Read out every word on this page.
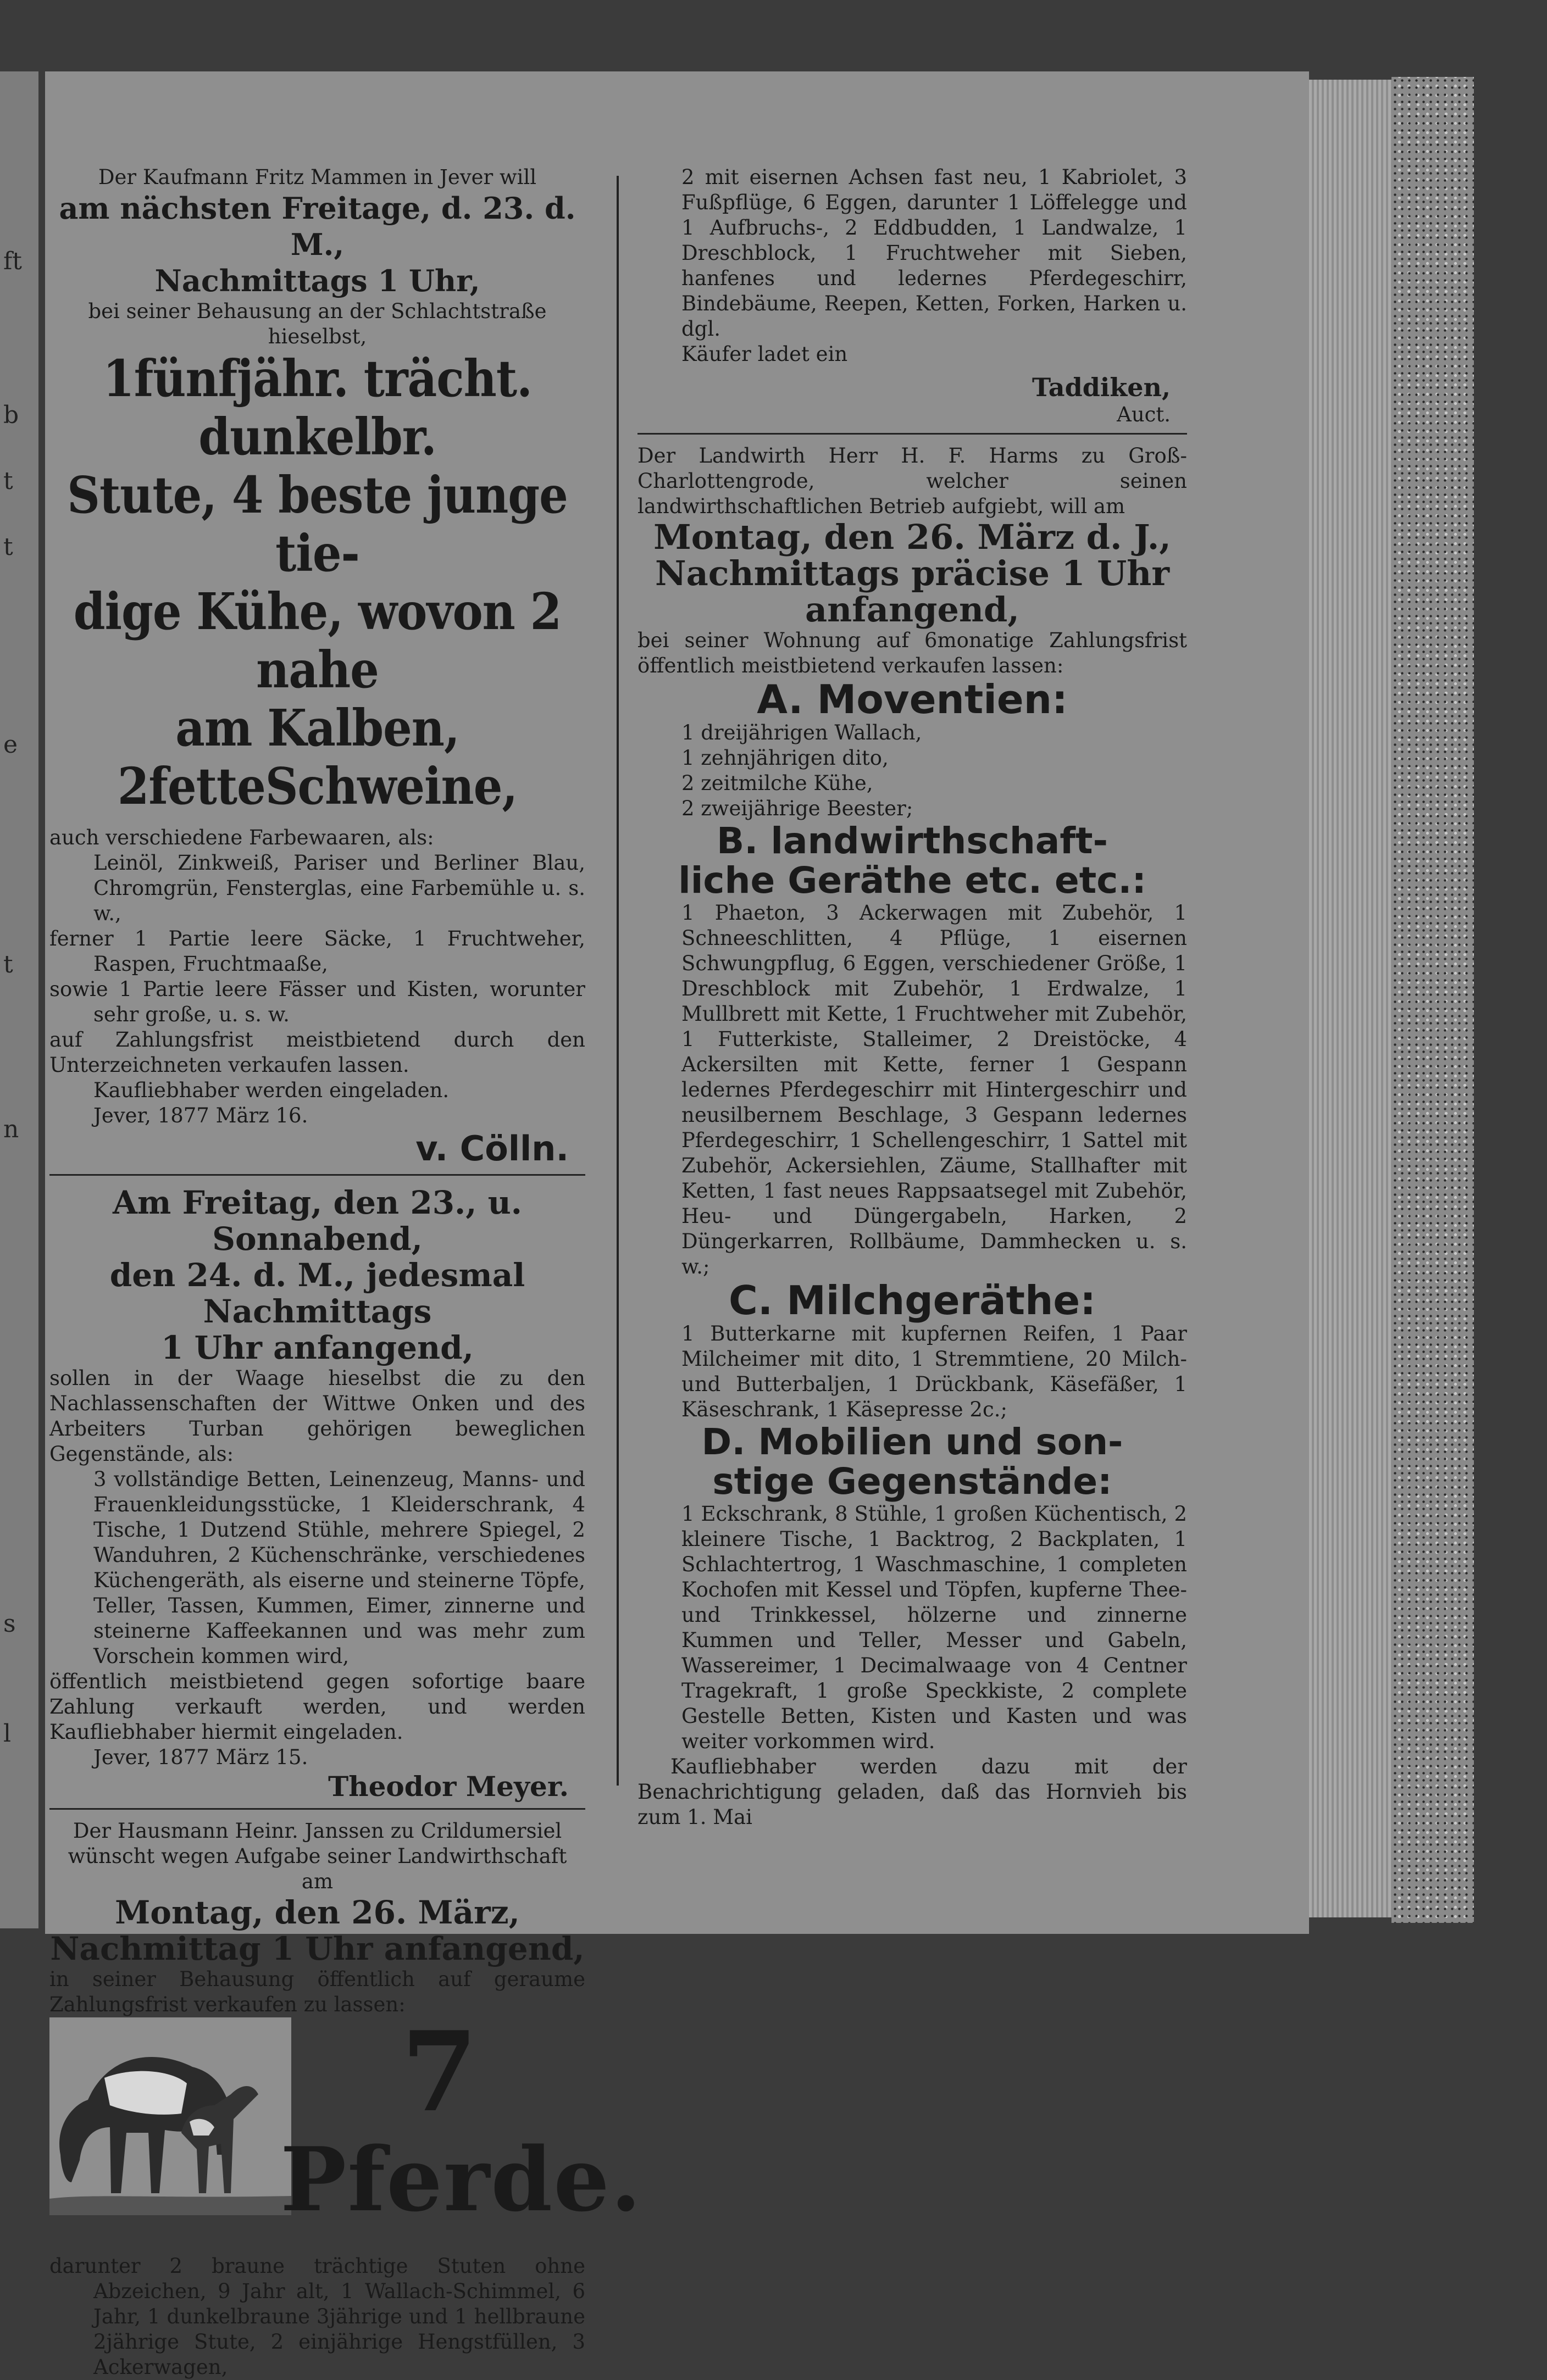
ft
b
t
t
e
t
n
s
l

Der Kaufmann Fritz Mammen in Jever will

am nächsten Freitage, d. 23. d. M.,

Nachmittags 1 Uhr,

bei seiner Behausung an der Schlachtstraße hieselbst,

1fünfjähr. trächt. dunkelbr.

Stute, 4 beste junge tie-

dige Kühe, wovon 2 nahe

am Kalben, 2fetteSchweine,

auch verschiedene Farbewaaren, als:

Leinöl, Zinkweiß, Pariser und Berliner Blau, Chromgrün, Fensterglas, eine Farbemühle u. s. w.,

ferner 1 Partie leere Säcke, 1 Fruchtweher, Raspen, Fruchtmaaße,

sowie 1 Partie leere Fässer und Kisten, worunter sehr große, u. s. w.

auf Zahlungsfrist meistbietend durch den Unterzeichneten verkaufen lassen.

Kaufliebhaber werden eingeladen.

Jever, 1877 März 16.

v. Cölln.

Am Freitag, den 23., u. Sonnabend,

den 24. d. M., jedesmal Nachmittags

1 Uhr anfangend,

sollen in der Waage hieselbst die zu den Nachlassenschaften der Wittwe Onken und des Arbeiters Turban gehörigen beweglichen Gegenstände, als:

3 vollständige Betten, Leinenzeug, Manns- und Frauenkleidungsstücke, 1 Kleiderschrank, 4 Tische, 1 Dutzend Stühle, mehrere Spiegel, 2 Wanduhren, 2 Küchenschränke, verschiedenes Küchengeräth, als eiserne und steinerne Töpfe, Teller, Tassen, Kummen, Eimer, zinnerne und steinerne Kaffeekannen und was mehr zum Vorschein kommen wird,

öffentlich meistbietend gegen sofortige baare Zahlung verkauft werden, und werden Kaufliebhaber hiermit eingeladen.

Jever, 1877 März 15.

Theodor Meyer.

Der Hausmann Heinr. Janssen zu Crildumersiel wünscht wegen Aufgabe seiner Landwirthschaft am

Montag, den 26. März,

Nachmittag 1 Uhr anfangend,

in seiner Behausung öffentlich auf geraume Zahlungsfrist verkaufen zu lassen:

7
Pferde.

darunter 2 braune trächtige Stuten ohne Abzeichen, 9 Jahr alt, 1 Wallach-Schimmel, 6 Jahr, 1 dunkelbraune 3jährige und 1 hellbraune 2jährige Stute, 2 einjährige Hengstfüllen, 3 Ackerwagen,

2 mit eisernen Achsen fast neu, 1 Kabriolet, 3 Fußpflüge, 6 Eggen, darunter 1 Löffelegge und 1 Aufbruchs-, 2 Eddbudden, 1 Landwalze, 1 Dreschblock, 1 Fruchtweher mit Sieben, hanfenes und ledernes Pferdegeschirr, Bindebäume, Reepen, Ketten, Forken, Harken u. dgl.

Käufer ladet ein

Taddiken,

Auct.

Der Landwirth Herr H. F. Harms zu Groß-Charlottengrode, welcher seinen landwirthschaftlichen Betrieb aufgiebt, will am

Montag, den 26. März d. J.,

Nachmittags präcise 1 Uhr

anfangend,

bei seiner Wohnung auf 6monatige Zahlungsfrist öffentlich meistbietend verkaufen lassen:

A. Moventien:

1 dreijährigen Wallach,

1 zehnjährigen dito,

2 zeitmilche Kühe,

2 zweijährige Beester;

B. landwirthschaft-

liche Geräthe etc. etc.:

1 Phaeton, 3 Ackerwagen mit Zubehör, 1 Schneeschlitten, 4 Pflüge, 1 eisernen Schwungpflug, 6 Eggen, verschiedener Größe, 1 Dreschblock mit Zubehör, 1 Erdwalze, 1 Mullbrett mit Kette, 1 Fruchtweher mit Zubehör, 1 Futterkiste, Stalleimer, 2 Dreistöcke, 4 Ackersilten mit Kette, ferner 1 Gespann ledernes Pferdegeschirr mit Hintergeschirr und neusilbernem Beschlage, 3 Gespann ledernes Pferdegeschirr, 1 Schellengeschirr, 1 Sattel mit Zubehör, Ackersiehlen, Zäume, Stallhafter mit Ketten, 1 fast neues Rappsaatsegel mit Zubehör, Heu- und Düngergabeln, Harken, 2 Düngerkarren, Rollbäume, Dammhecken u. s. w.;

C. Milchgeräthe:

1 Butterkarne mit kupfernen Reifen, 1 Paar Milcheimer mit dito, 1 Stremmtiene, 20 Milch- und Butterbaljen, 1 Drückbank, Käsefäßer, 1 Käseschrank, 1 Käsepresse 2c.;

D. Mobilien und son-

stige Gegenstände:

1 Eckschrank, 8 Stühle, 1 großen Küchentisch, 2 kleinere Tische, 1 Backtrog, 2 Backplaten, 1 Schlachtertrog, 1 Waschmaschine, 1 completen Kochofen mit Kessel und Töpfen, kupferne Thee- und Trinkkessel, hölzerne und zinnerne Kummen und Teller, Messer und Gabeln, Wassereimer, 1 Decimalwaage von 4 Centner Tragekraft, 1 große Speckkiste, 2 complete Gestelle Betten, Kisten und Kasten und was weiter vorkommen wird.

Kaufliebhaber werden dazu mit der Benachrichtigung geladen, daß das Hornvieh bis zum 1. Mai
